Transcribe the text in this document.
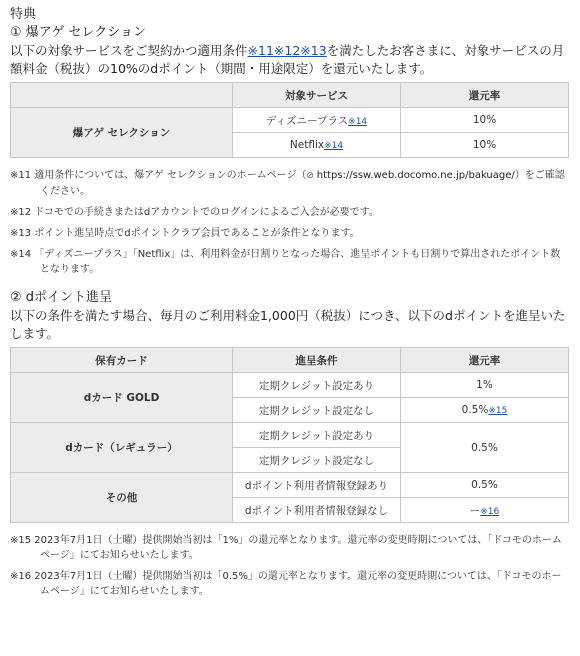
特典

① 爆アゲ セレクション

以下の対象サービスをご契約かつ適用条件※11※12※13を満たしたお客さまに、対象サービスの月額料金（税抜）の10%のdポイント（期間・用途限定）を還元いたします。

	対象サービス	還元率
爆アゲ セレクション	ディズニープラス※14	10%
	Netflix※14	10%

※11 適用条件については、爆アゲ セレクションのホームページ（⊘ https://ssw.web.docomo.ne.jp/bakuage/）をご確認ください。

※12 ドコモでの手続きまたはdアカウントでのログインによるご入会が必要です。

※13 ポイント進呈時点でdポイントクラブ会員であることが条件となります。

※14 「ディズニープラス」「Netflix」は、利用料金が日割りとなった場合、進呈ポイントも日割りで算出されたポイント数となります。

② dポイント進呈

以下の条件を満たす場合、毎月のご利用料金1,000円（税抜）につき、以下のdポイントを進呈いたします。

保有カード	進呈条件	還元率
dカード GOLD	定期クレジット設定あり	1%
	定期クレジット設定なし	0.5%※15
dカード（レギュラー）	定期クレジット設定あり	0.5%
	定期クレジット設定なし	
その他	dポイント利用者情報登録あり	0.5%
	dポイント利用者情報登録なし	ー※16

※15 2023年7月1日（土曜）提供開始当初は「1%」の還元率となります。還元率の変更時期については、「ドコモのホームページ」にてお知らせいたします。

※16 2023年7月1日（土曜）提供開始当初は「0.5%」の還元率となります。還元率の変更時期については、「ドコモのホームページ」にてお知らせいたします。
